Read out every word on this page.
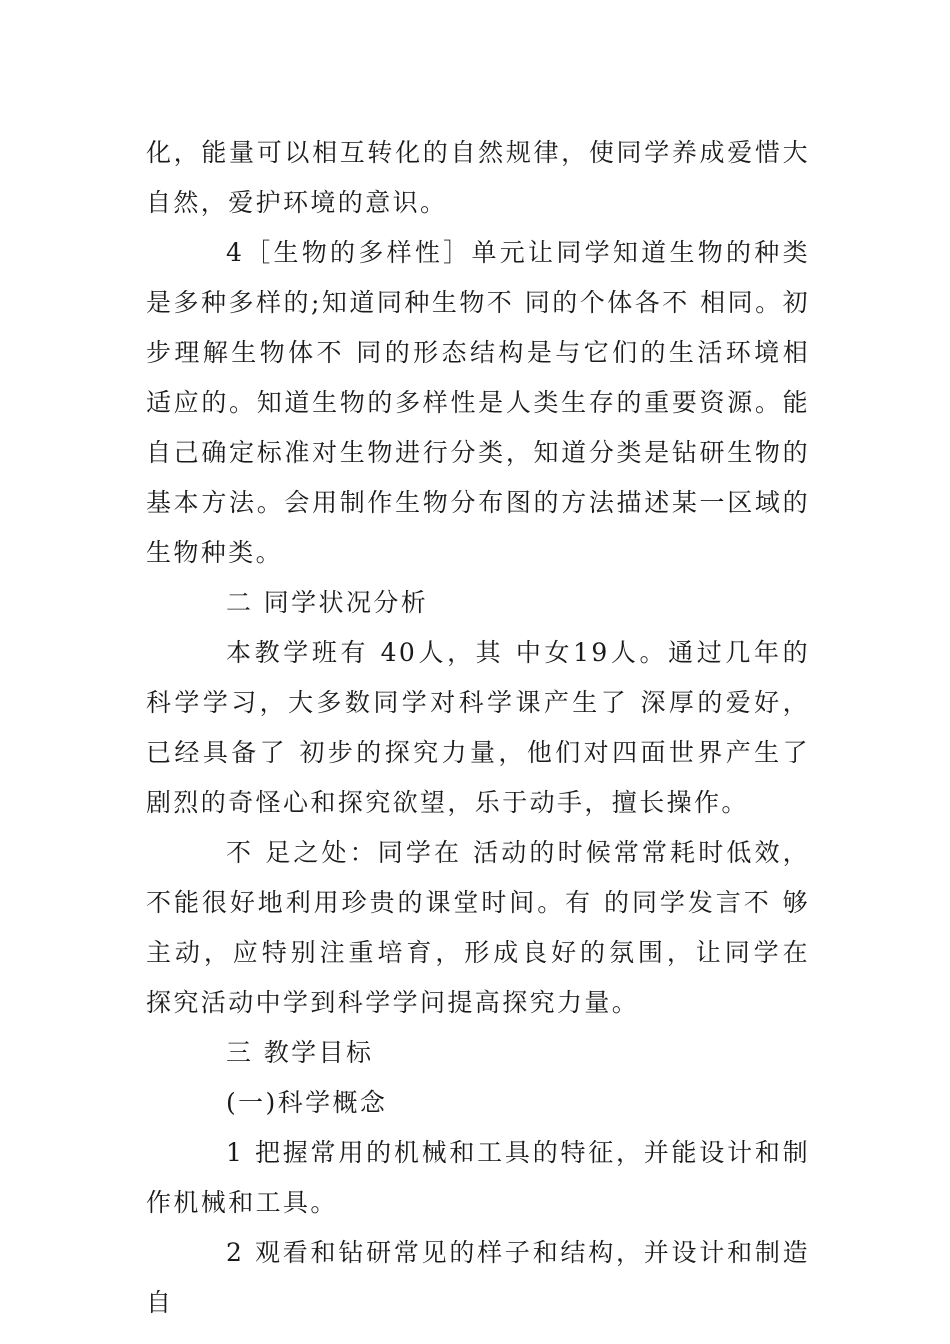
化，能量可以相互转化的自然规律，使同学养成爱惜大自然，爱护环境的意识。

4［生物的多样性］单元让同学知道生物的种类是多种多样的;知道同种生物不 同的个体各不 相同。初步理解生物体不 同的形态结构是与它们的生活环境相适应的。知道生物的多样性是人类生存的重要资源。能自己确定标准对生物进行分类，知道分类是钻研生物的基本方法。会用制作生物分布图的方法描述某一区域的生物种类。

二 同学状况分析

本教学班有 40人，其 中女19人。通过几年的科学学习，大多数同学对科学课产生了 深厚的爱好，已经具备了 初步的探究力量，他们对四面世界产生了 剧烈的奇怪心和探究欲望，乐于动手，擅长操作。

不 足之处：同学在 活动的时候常常耗时低效，不能很好地利用珍贵的课堂时间。有 的同学发言不 够主动，应特别注重培育，形成良好的氛围，让同学在 探究活动中学到科学学问提高探究力量。

三 教学目标

(一)科学概念

1 把握常用的机械和工具的特征，并能设计和制作机械和工具。

2 观看和钻研常见的样子和结构，并设计和制造自
